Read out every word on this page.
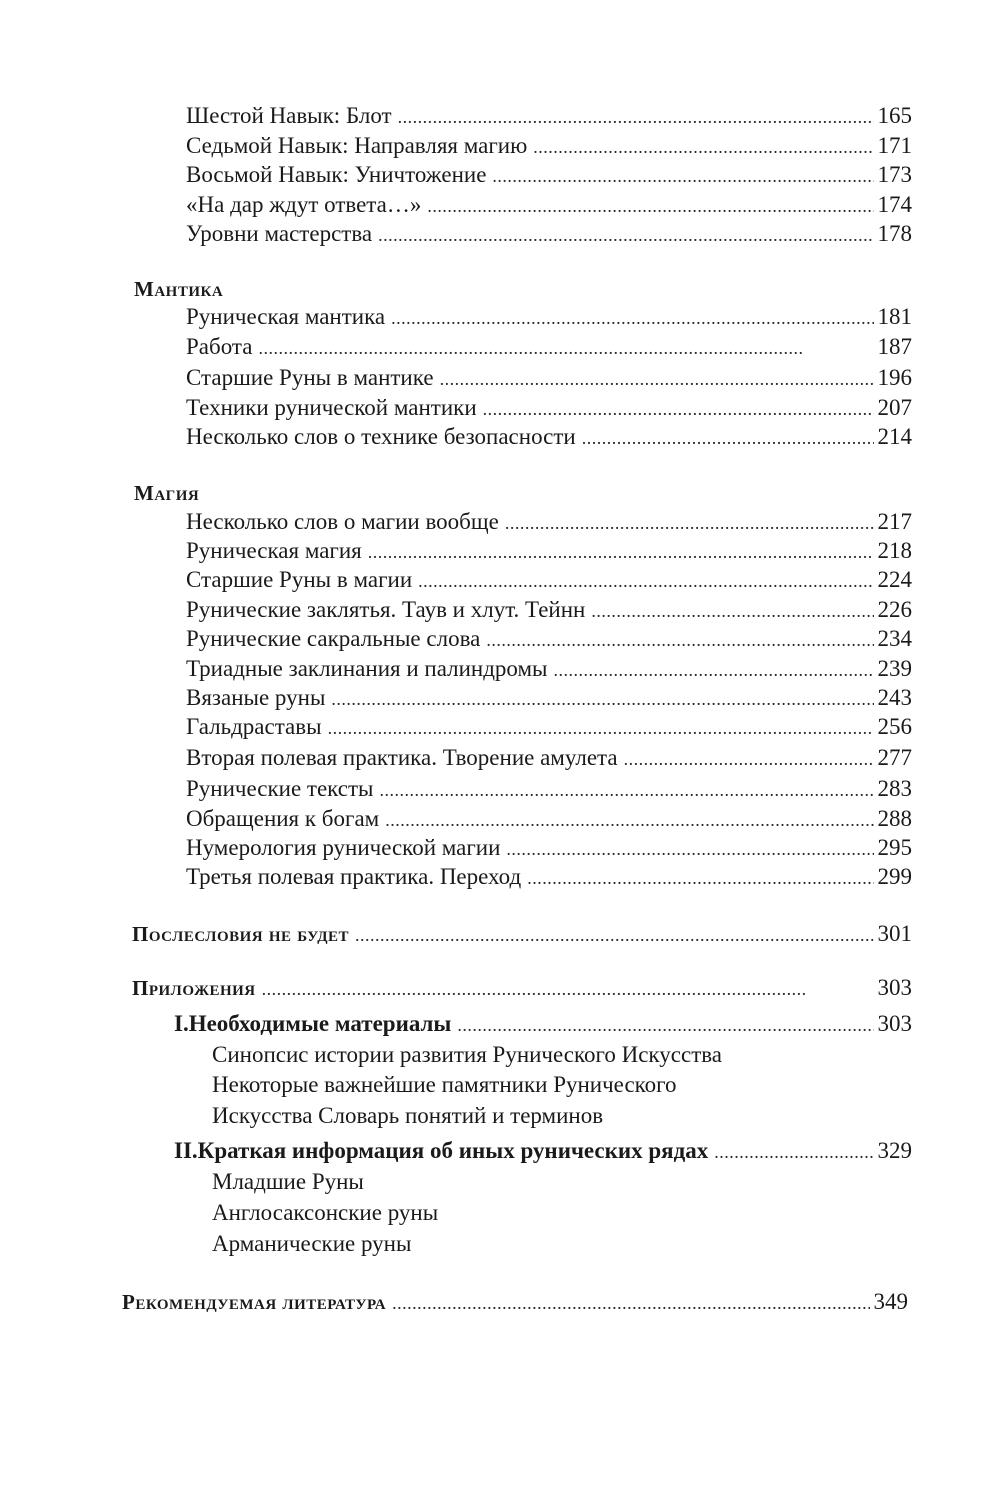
Шестой Навык: Блот . . .	165
Седьмой Навык: Направляя магию . . .	171
Восьмой Навык: Уничтожение . . .	173
«На дар ждут ответа…» . . .	174
Уровни мастерства . . .	178
Мантика
Руническая мантика . . .	181
Работа . . .	187
Старшие Руны в мантике . . .	196
Техники рунической мантики . . .	207
Несколько слов о технике безопасности . . .	214
Магия
Несколько слов о магии вообще . . .	217
Руническая магия . . .	218
Старшие Руны в магии . . .	224
Рунические заклятья. Таув и хлут. Тейнн . . .	226
Рунические сакральные слова . . .	234
Триадные заклинания и палиндромы . . .	239
Вязаные руны . . .	243
Гальдраставы . . .	256
Вторая полевая практика. Творение амулета . . .	277
Рунические тексты . . .	283
Обращения к богам . . .	288
Нумерология рунической магии . . .	295
Третья полевая практика. Переход . . .	299
Послесловия не будет . . .	301
Приложения . . .	303
I.Необходимые материалы . . .	303
Синопсис истории развития Рунического Искусства
Некоторые важнейшие памятники Рунического
Искусства Словарь понятий и терминов
II.Краткая информация об иных рунических рядах . . .	329
Младшие Руны
Англосаксонские руны
Арманические руны
Рекомендуемая литература . . .	349
